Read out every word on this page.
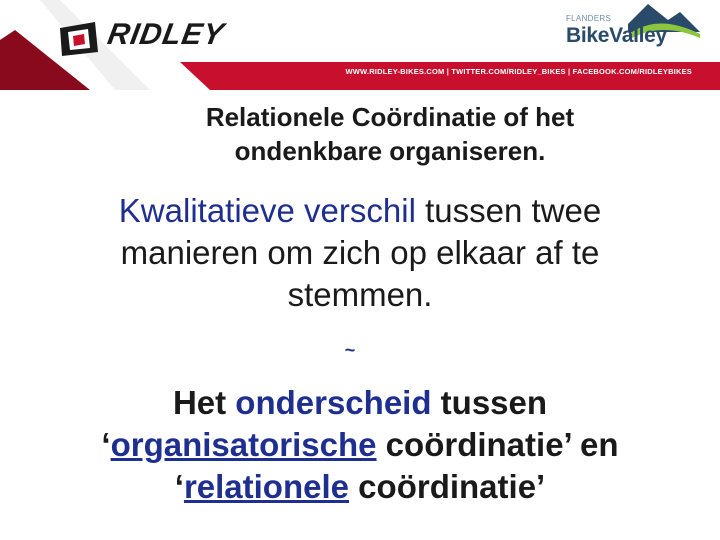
RIDLEY	FLANDERS
BikeValley
WWW.RIDLEY-BIKES.COM | TWITTER.COM/RIDLEY_BIKES | FACEBOOK.COM/RIDLEYBIKES
Relationele Coördinatie of het
ondenkbare organiseren.
Kwalitatieve verschil tussen twee
manieren om zich op elkaar af te
stemmen.
~
Het onderscheid tussen
‘organisatorische coördinatie’ en
‘relationele coördinatie’
